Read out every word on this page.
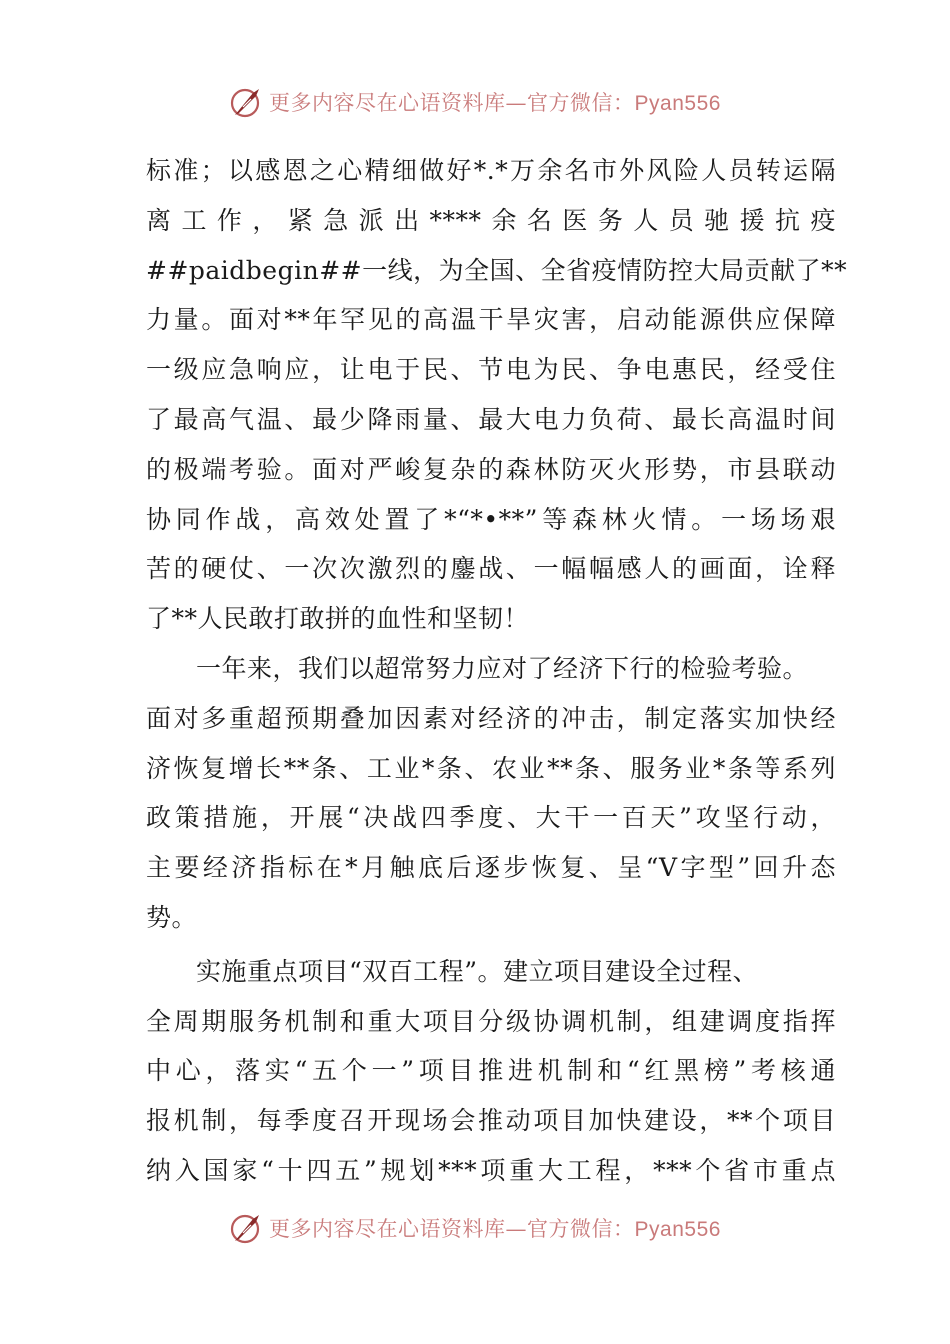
更多内容尽在心语资料库—官方微信：Pyan556
标准；以感恩之心精细做好*.*万余名市外风险人员转运隔
离工作，紧急派出****余名医务人员驰援抗疫
##paidbegin##一线，为全国、全省疫情防控大局贡献了**
力量。面对**年罕见的高温干旱灾害，启动能源供应保障
一级应急响应，让电于民、节电为民、争电惠民，经受住
了最高气温、最少降雨量、最大电力负荷、最长高温时间
的极端考验。面对严峻复杂的森林防灭火形势，市县联动
协同作战，高效处置了*“*•**”等森林火情。一场场艰
苦的硬仗、一次次激烈的鏖战、一幅幅感人的画面，诠释
了**人民敢打敢拼的血性和坚韧！
一年来，我们以超常努力应对了经济下行的检验考验。
面对多重超预期叠加因素对经济的冲击，制定落实加快经
济恢复增长**条、工业*条、农业**条、服务业*条等系列
政策措施，开展“决战四季度、大干一百天”攻坚行动，
主要经济指标在*月触底后逐步恢复、呈“V字型”回升态
势。
实施重点项目“双百工程”。建立项目建设全过程、
全周期服务机制和重大项目分级协调机制，组建调度指挥
中心，落实“五个一”项目推进机制和“红黑榜”考核通
报机制，每季度召开现场会推动项目加快建设，**个项目
纳入国家“十四五”规划***项重大工程，***个省市重点
更多内容尽在心语资料库—官方微信：Pyan556
